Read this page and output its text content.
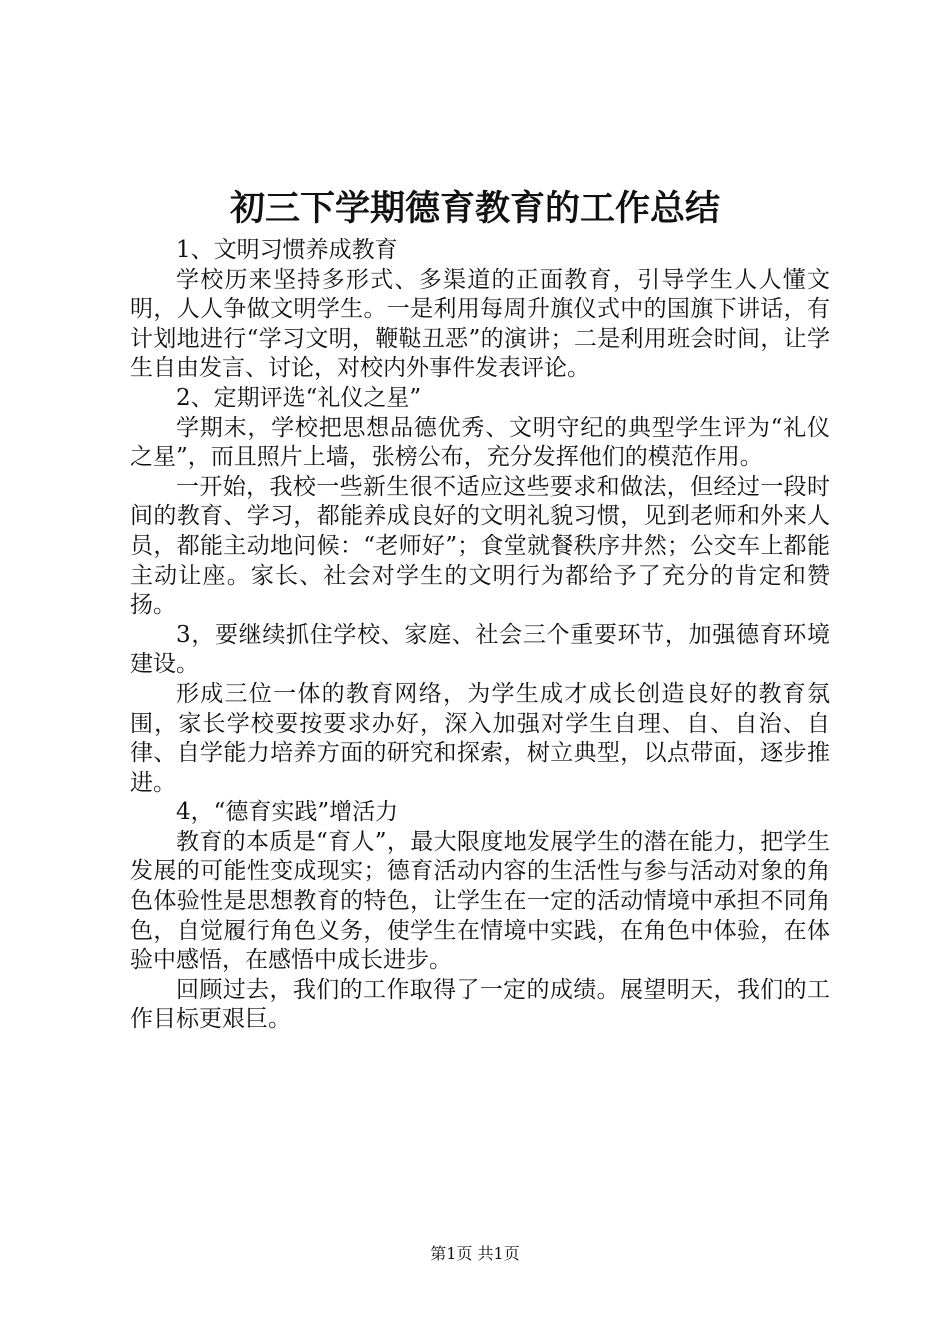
初三下学期德育教育的工作总结

1、文明习惯养成教育

学校历来坚持多形式、多渠道的正面教育，引导学生人人懂文明，人人争做文明学生。一是利用每周升旗仪式中的国旗下讲话，有计划地进行“学习文明，鞭鞑丑恶”的演讲；二是利用班会时间，让学生自由发言、讨论，对校内外事件发表评论。

2、定期评选“礼仪之星”

学期末，学校把思想品德优秀、文明守纪的典型学生评为“礼仪之星”，而且照片上墙，张榜公布，充分发挥他们的模范作用。

一开始，我校一些新生很不适应这些要求和做法，但经过一段时间的教育、学习，都能养成良好的文明礼貌习惯，见到老师和外来人员，都能主动地问候：“老师好”；食堂就餐秩序井然；公交车上都能主动让座。家长、社会对学生的文明行为都给予了充分的肯定和赞扬。

3，要继续抓住学校、家庭、社会三个重要环节，加强德育环境建设。

形成三位一体的教育网络，为学生成才成长创造良好的教育氛围，家长学校要按要求办好，深入加强对学生自理、自、自治、自律、自学能力培养方面的研究和探索，树立典型，以点带面，逐步推进。

4，“德育实践”增活力

教育的本质是“育人”，最大限度地发展学生的潜在能力，把学生发展的可能性变成现实；德育活动内容的生活性与参与活动对象的角色体验性是思想教育的特色，让学生在一定的活动情境中承担不同角色，自觉履行角色义务，使学生在情境中实践，在角色中体验，在体验中感悟，在感悟中成长进步。

回顾过去，我们的工作取得了一定的成绩。展望明天，我们的工作目标更艰巨。

第1页 共1页
